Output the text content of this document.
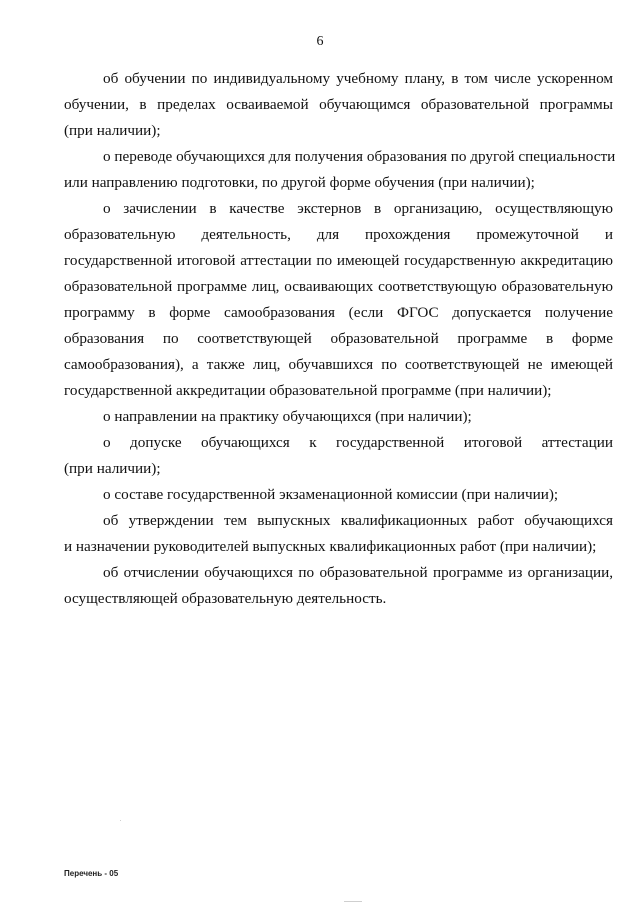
6
об обучении по индивидуальному учебному плану, в том числе ускоренном
обучении, в пределах осваиваемой обучающимся образовательной программы
(при наличии);
о переводе обучающихся для получения образования по другой специальности
или направлению подготовки, по другой форме обучения (при наличии);
о зачислении в качестве экстернов в организацию, осуществляющую
образовательную деятельность, для прохождения промежуточной и
государственной итоговой аттестации по имеющей государственную аккредитацию
образовательной программе лиц, осваивающих соответствующую образовательную
программу в форме самообразования (если ФГОС допускается получение
образования по соответствующей образовательной программе в форме
самообразования), а также лиц, обучавшихся по соответствующей не имеющей
государственной аккредитации образовательной программе (при наличии);
о направлении на практику обучающихся (при наличии);
о допуске обучающихся к государственной итоговой аттестации
(при наличии);
о составе государственной экзаменационной комиссии (при наличии);
об утверждении тем выпускных квалификационных работ обучающихся
и назначении руководителей выпускных квалификационных работ (при наличии);
об отчислении обучающихся по образовательной программе из организации,
осуществляющей образовательную деятельность.
Перечень - 05
